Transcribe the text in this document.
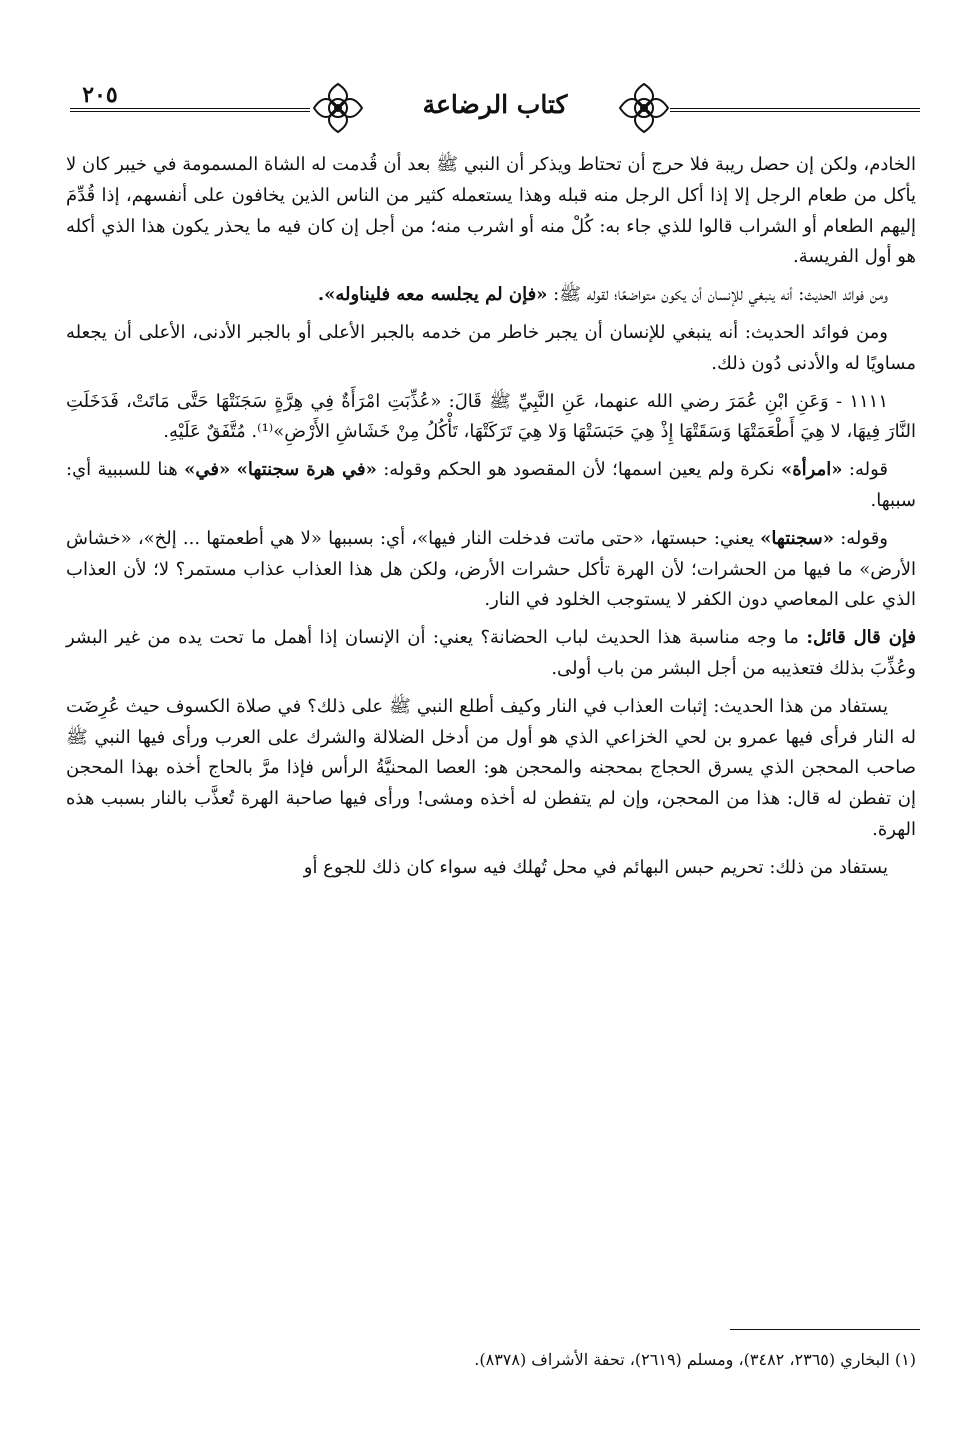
٢٠٥	كتاب الرضاعة

الخادم، ولكن إن حصل ريبة فلا حرج أن تحتاط ويذكر أن النبي ﷺ بعد أن قُدمت له الشاة المسمومة في خيبر كان لا يأكل من طعام الرجل إلا إذا أكل الرجل منه قبله وهذا يستعمله كثير من الناس الذين يخافون على أنفسهم، إذا قُدِّمَ إليهم الطعام أو الشراب قالوا للذي جاء به: كُلْ منه أو اشرب منه؛ من أجل إن كان فيه ما يحذر يكون هذا الذي أكله هو أول الفريسة.

ومن فوائد الحديث: أنه ينبغي للإنسان أن يكون متواضعًا؛ لقوله ﷺ: «فإن لم يجلسه معه فليناوله».

ومن فوائد الحديث: أنه ينبغي للإنسان أن يجبر خاطر من خدمه بالجبر الأعلى أو بالجبر الأدنى، الأعلى أن يجعله مساويًا له والأدنى دُون ذلك.

١١١١ - وَعَنِ ابْنِ عُمَرَ رضي الله عنهما، عَنِ النَّبِيِّ ﷺ قَالَ: «عُذِّبَتِ امْرَأَةٌ فِي هِرَّةٍ سَجَنَتْهَا حَتَّى مَاتَتْ، فَدَخَلَتِ النَّارَ فِيهَا، لا هِيَ أَطْعَمَتْهَا وَسَقَتْهَا إِذْ هِيَ حَبَسَتْهَا وَلا هِيَ تَرَكَتْهَا، تَأْكُلُ مِنْ خَشَاشِ الأَرْضِ»⁽¹⁾. مُتَّفَقٌ عَلَيْهِ.

قوله: «امرأة» نكرة ولم يعين اسمها؛ لأن المقصود هو الحكم وقوله: «في هرة سجنتها» «في» هنا للسببية أي: سببها.

وقوله: «سجنتها» يعني: حبستها، «حتى ماتت فدخلت النار فيها»، أي: بسببها «لا هي أطعمتها ... إلخ»، «خشاش الأرض» ما فيها من الحشرات؛ لأن الهرة تأكل حشرات الأرض، ولكن هل هذا العذاب عذاب مستمر؟ لا؛ لأن العذاب الذي على المعاصي دون الكفر لا يستوجب الخلود في النار.

فإن قال قائل: ما وجه مناسبة هذا الحديث لباب الحضانة؟ يعني: أن الإنسان إذا أهمل ما تحت يده من غير البشر وعُذِّبَ بذلك فتعذيبه من أجل البشر من باب أولى.

يستفاد من هذا الحديث: إثبات العذاب في النار وكيف أطلع النبي ﷺ على ذلك؟ في صلاة الكسوف حيث عُرِضَت له النار فرأى فيها عمرو بن لحي الخزاعي الذي هو أول من أدخل الضلالة والشرك على العرب ورأى فيها النبي ﷺ صاحب المحجن الذي يسرق الحجاج بمحجنه والمحجن هو: العصا المحنيَّةُ الرأس فإذا مرَّ بالحاج أخذه بهذا المحجن إن تفطن له قال: هذا من المحجن، وإن لم يتفطن له أخذه ومشى! ورأى فيها صاحبة الهرة تُعذَّب بالنار بسبب هذه الهرة.

يستفاد من ذلك: تحريم حبس البهائم في محل تُهلك فيه سواء كان ذلك للجوع أو

(١) البخاري (٢٣٦٥، ٣٤٨٢)، ومسلم (٢٦١٩)، تحفة الأشراف (٨٣٧٨).
